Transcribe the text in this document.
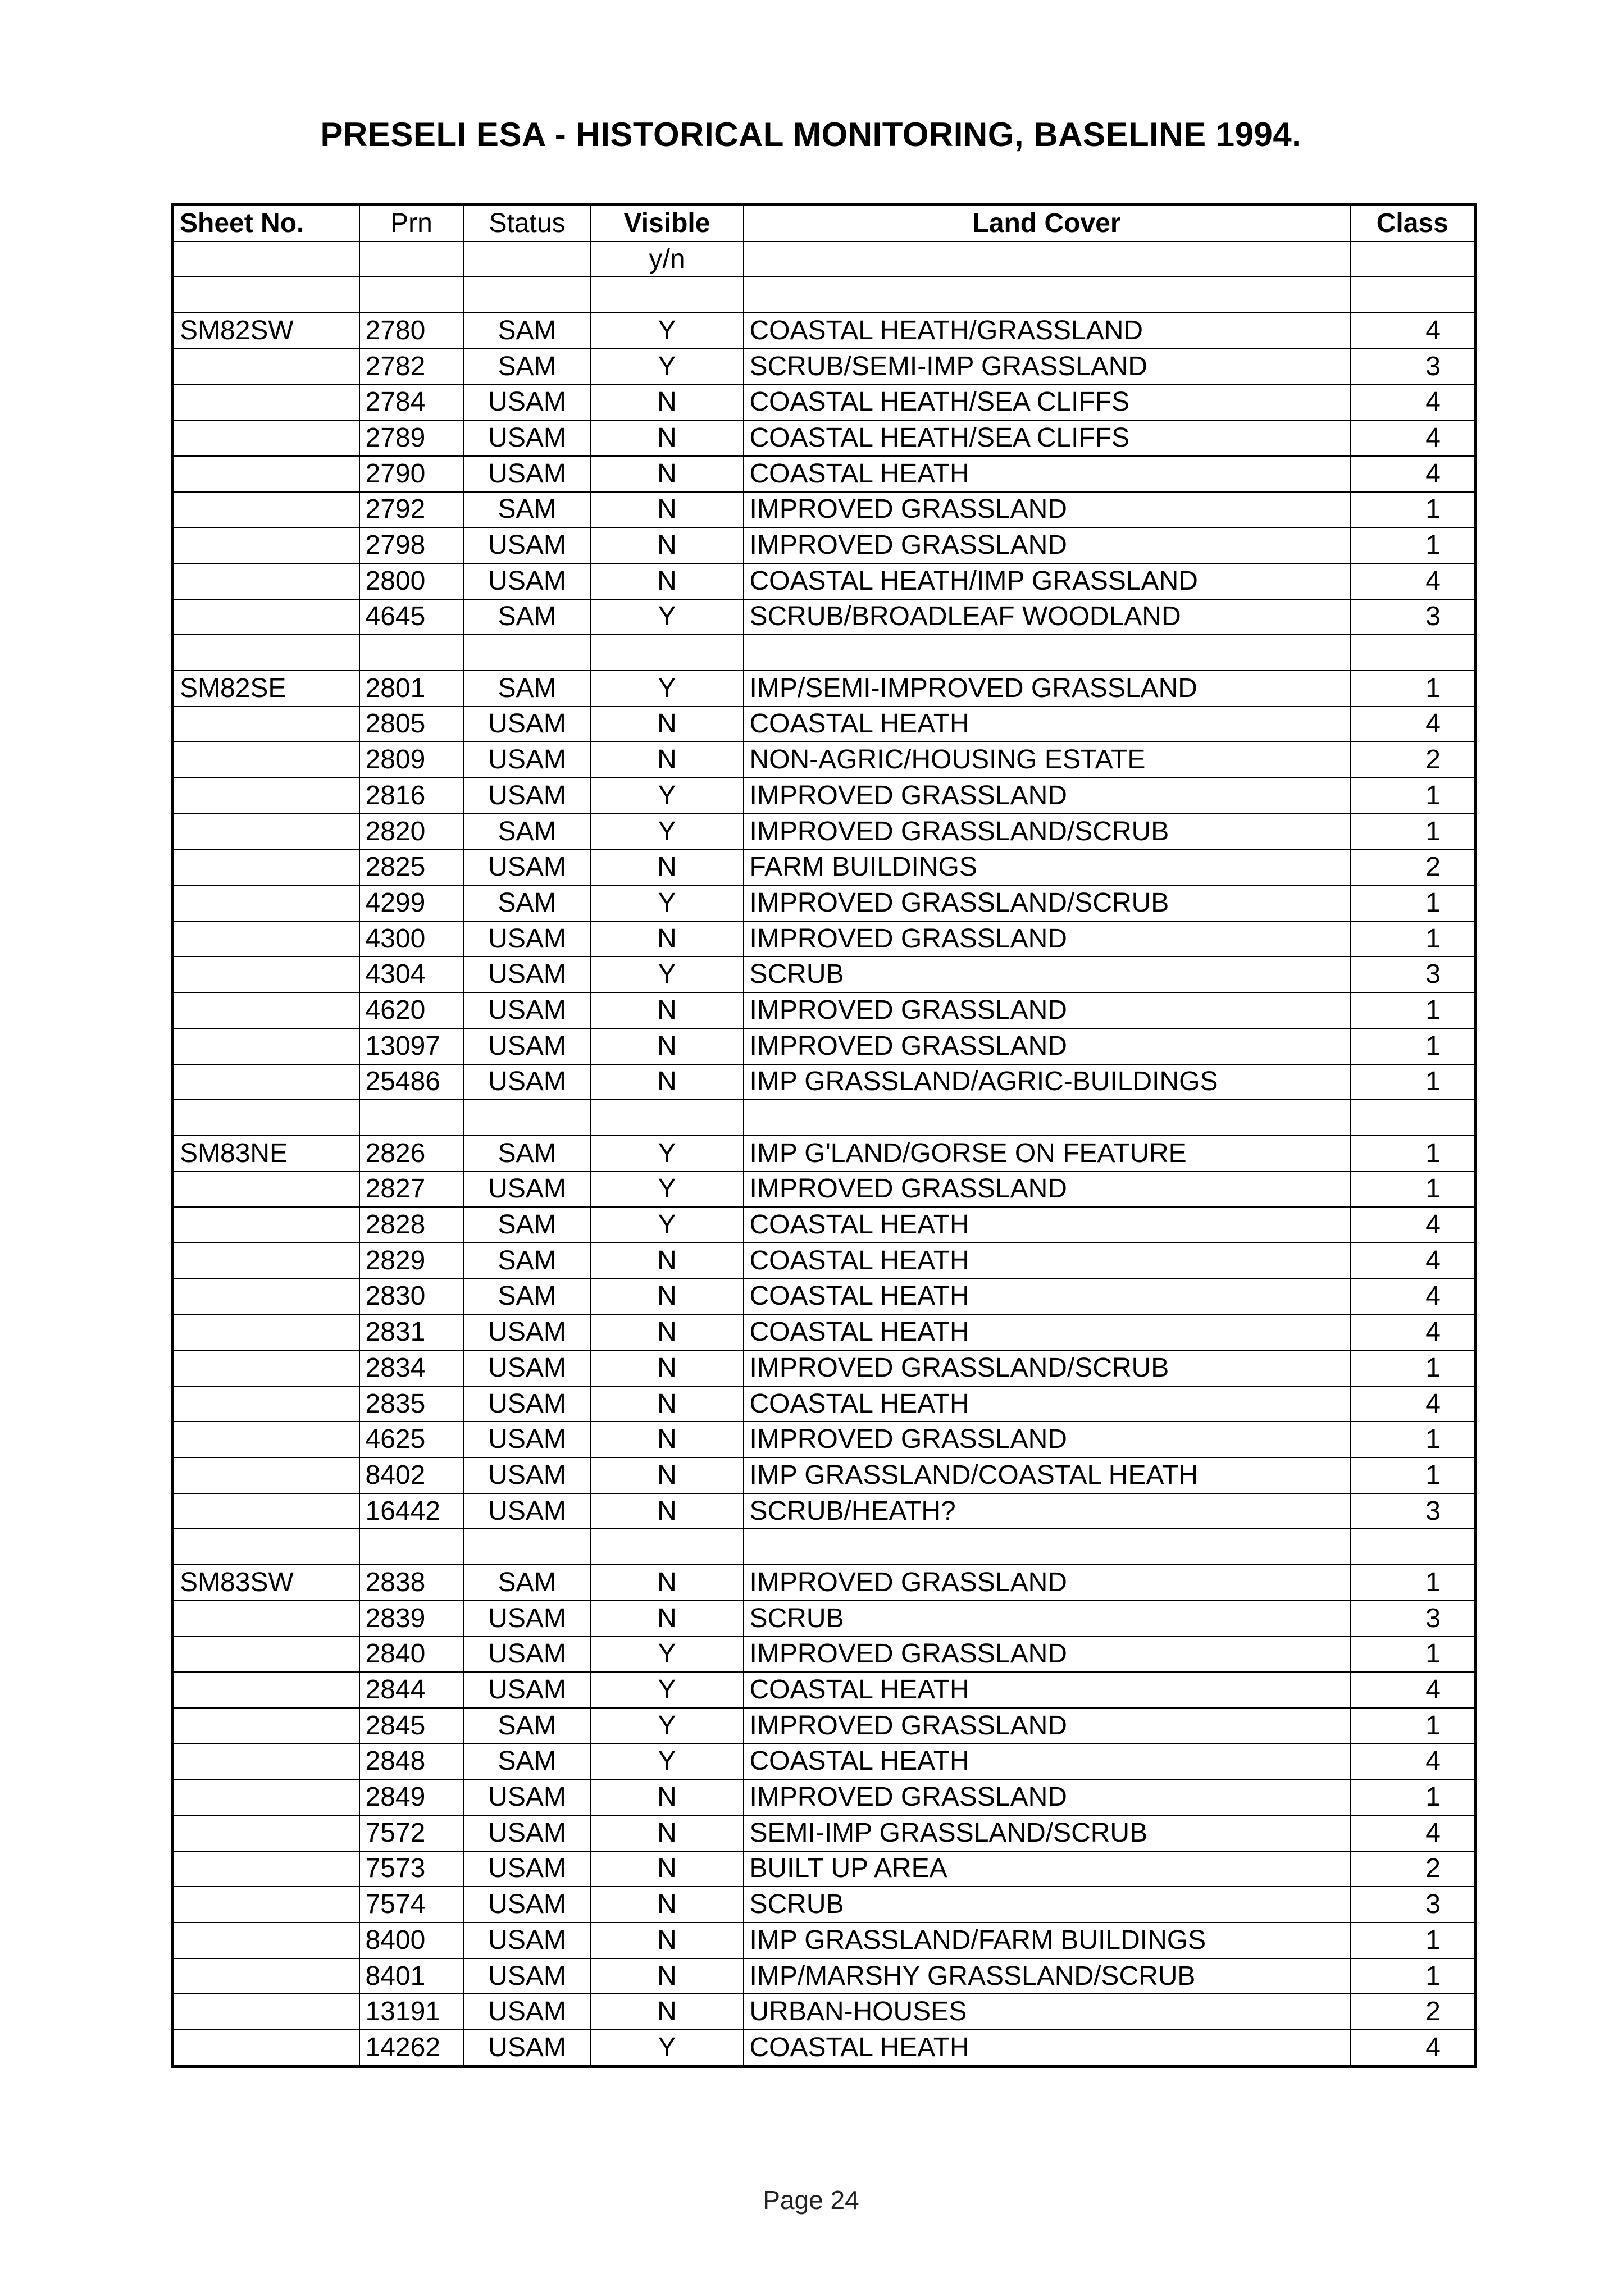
PRESELI ESA - HISTORICAL MONITORING, BASELINE 1994.
Sheet No.	Prn	Status	Visible	Land Cover	Class
			y/n		

SM82SW	2780	SAM	Y	COASTAL HEATH/GRASSLAND	4
	2782	SAM	Y	SCRUB/SEMI-IMP GRASSLAND	3
	2784	USAM	N	COASTAL HEATH/SEA CLIFFS	4
	2789	USAM	N	COASTAL HEATH/SEA CLIFFS	4
	2790	USAM	N	COASTAL HEATH	4
	2792	SAM	N	IMPROVED GRASSLAND	1
	2798	USAM	N	IMPROVED GRASSLAND	1
	2800	USAM	N	COASTAL HEATH/IMP GRASSLAND	4
	4645	SAM	Y	SCRUB/BROADLEAF WOODLAND	3

SM82SE	2801	SAM	Y	IMP/SEMI-IMPROVED GRASSLAND	1
	2805	USAM	N	COASTAL HEATH	4
	2809	USAM	N	NON-AGRIC/HOUSING ESTATE	2
	2816	USAM	Y	IMPROVED GRASSLAND	1
	2820	SAM	Y	IMPROVED GRASSLAND/SCRUB	1
	2825	USAM	N	FARM BUILDINGS	2
	4299	SAM	Y	IMPROVED GRASSLAND/SCRUB	1
	4300	USAM	N	IMPROVED GRASSLAND	1
	4304	USAM	Y	SCRUB	3
	4620	USAM	N	IMPROVED GRASSLAND	1
	13097	USAM	N	IMPROVED GRASSLAND	1
	25486	USAM	N	IMP GRASSLAND/AGRIC-BUILDINGS	1

SM83NE	2826	SAM	Y	IMP G'LAND/GORSE ON FEATURE	1
	2827	USAM	Y	IMPROVED GRASSLAND	1
	2828	SAM	Y	COASTAL HEATH	4
	2829	SAM	N	COASTAL HEATH	4
	2830	SAM	N	COASTAL HEATH	4
	2831	USAM	N	COASTAL HEATH	4
	2834	USAM	N	IMPROVED GRASSLAND/SCRUB	1
	2835	USAM	N	COASTAL HEATH	4
	4625	USAM	N	IMPROVED GRASSLAND	1
	8402	USAM	N	IMP GRASSLAND/COASTAL HEATH	1
	16442	USAM	N	SCRUB/HEATH?	3

SM83SW	2838	SAM	N	IMPROVED GRASSLAND	1
	2839	USAM	N	SCRUB	3
	2840	USAM	Y	IMPROVED GRASSLAND	1
	2844	USAM	Y	COASTAL HEATH	4
	2845	SAM	Y	IMPROVED GRASSLAND	1
	2848	SAM	Y	COASTAL HEATH	4
	2849	USAM	N	IMPROVED GRASSLAND	1
	7572	USAM	N	SEMI-IMP GRASSLAND/SCRUB	4
	7573	USAM	N	BUILT UP AREA	2
	7574	USAM	N	SCRUB	3
	8400	USAM	N	IMP GRASSLAND/FARM BUILDINGS	1
	8401	USAM	N	IMP/MARSHY GRASSLAND/SCRUB	1
	13191	USAM	N	URBAN-HOUSES	2
	14262	USAM	Y	COASTAL HEATH	4
Page 24
